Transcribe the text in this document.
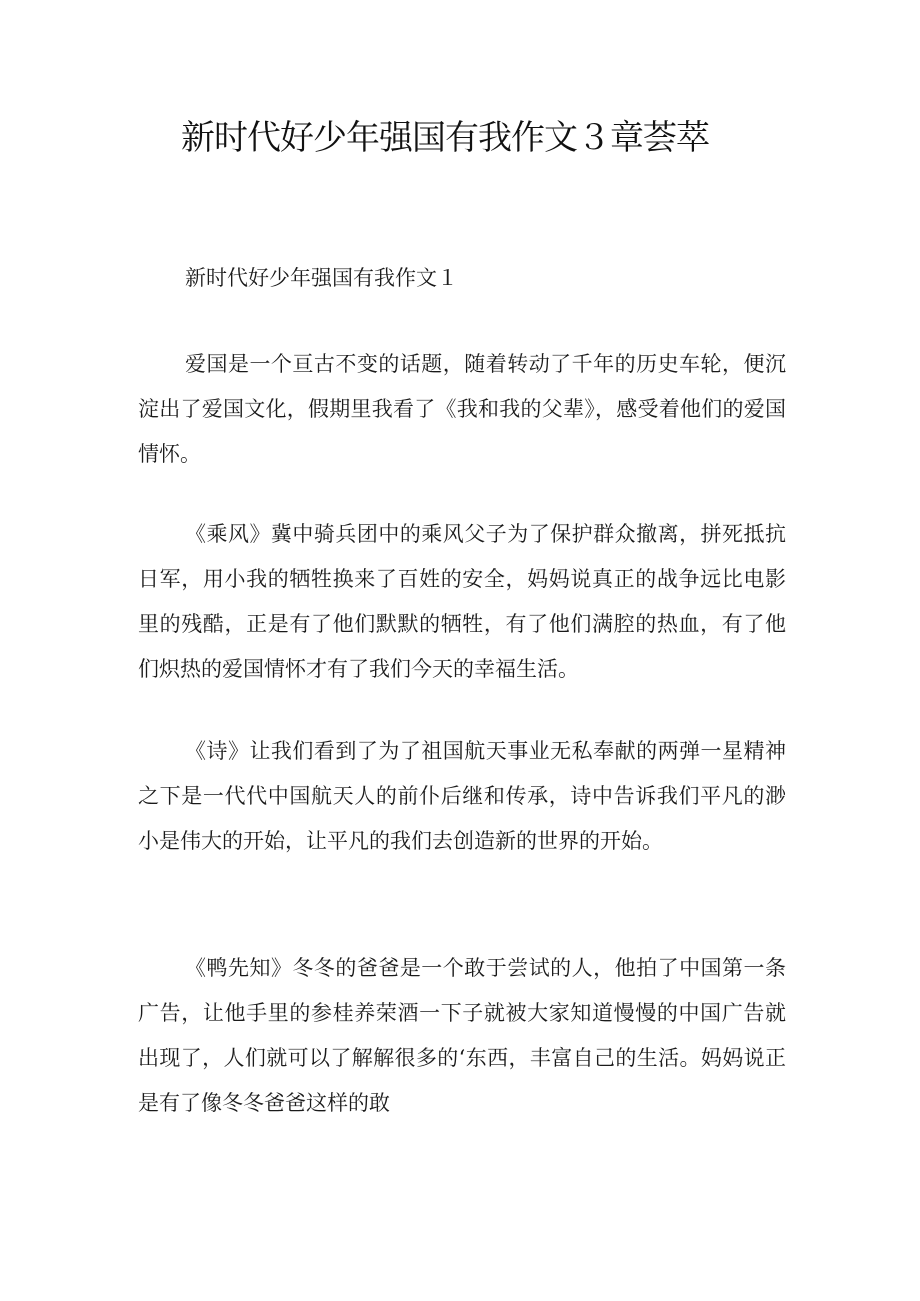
新时代好少年强国有我作文３章荟萃
新时代好少年强国有我作文１

爱国是一个亘古不变的话题，随着转动了千年的历史车轮，便沉淀出了爱国文化，假期里我看了《我和我的父辈》，感受着他们的爱国情怀。

《乘风》冀中骑兵团中的乘风父子为了保护群众撤离，拼死抵抗日军，用小我的牺牲换来了百姓的安全，妈妈说真正的战争远比电影里的残酷，正是有了他们默默的牺牲，有了他们满腔的热血，有了他们炽热的爱国情怀才有了我们今天的幸福生活。

《诗》让我们看到了为了祖国航天事业无私奉献的两弹一星精神之下是一代代中国航天人的前仆后继和传承，诗中告诉我们平凡的渺小是伟大的开始，让平凡的我们去创造新的世界的开始。

《鸭先知》冬冬的爸爸是一个敢于尝试的人，他拍了中国第一条广告，让他手里的参桂养荣酒一下子就被大家知道慢慢的中国广告就出现了，人们就可以了解解很多的‘东西，丰富自己的生活。妈妈说正是有了像冬冬爸爸这样的敢
